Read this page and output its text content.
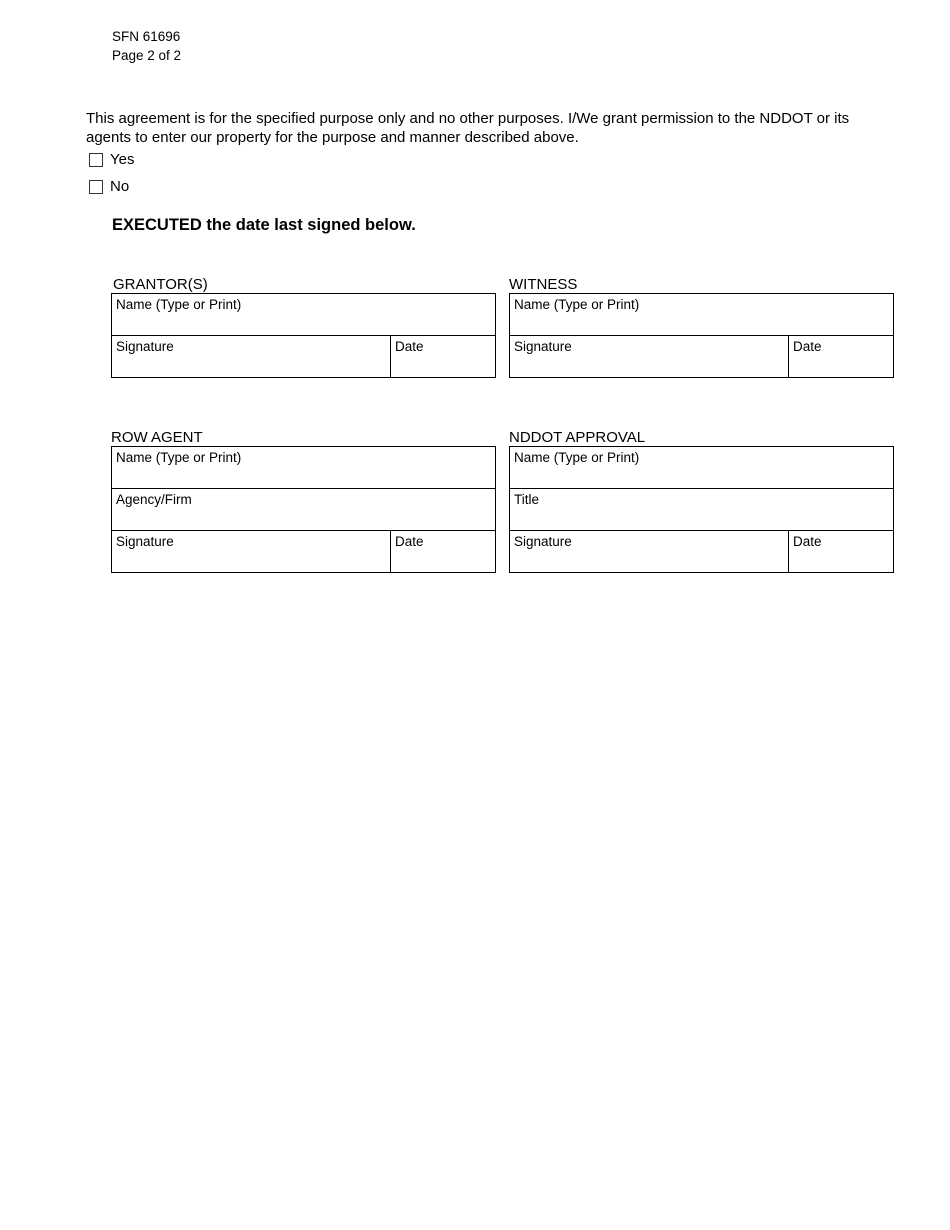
SFN 61696
Page 2 of 2

This agreement is for the specified purpose only and no other purposes. I/We grant permission to the NDDOT or its agents to enter our property for the purpose and manner described above.

Yes
No

EXECUTED the date last signed below.

GRANTOR(S)
Name (Type or Print)
Signature	Date
WITNESS
Name (Type or Print)
Signature	Date
ROW AGENT
Name (Type or Print)
Agency/Firm
Signature	Date
NDDOT APPROVAL
Name (Type or Print)
Title
Signature	Date
